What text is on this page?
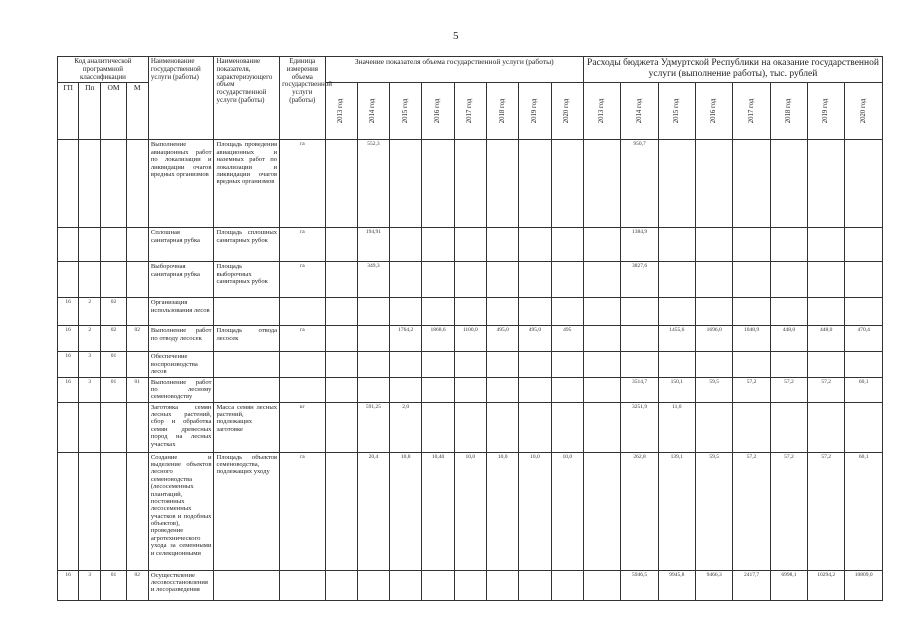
5
Код аналитической программной классификации				Наименование государственной услуги (работы)	Наименование показателя, характеризующего объем государственной услуги (работы)	Единица измерения объема государственной услуги (работы)	Значение показателя объема государственной услуги (работы)								Расходы бюджета Удмуртской Республики на оказание государственной услуги (выполнение работы), тыс. рублей							
ГП	Пп	ОМ	М				2013 год	2014 год	2015 год	2016 год	2017 год	2018 год	2019 год	2020 год	2013 год	2014 год	2015 год	2016 год	2017 год	2018 год	2019 год	2020 год

				Выполнение авиационных работ по локализации и ликвидации очагов вредных организмов	Площадь проведения авиационных и наземных работ по локализации и ликвидации очагов вредных организмов	га		552,3								950,7						
				Сплошная санитарная рубка	Площадь сплошных санитарных рубок	га		194,91								1384,9						
				Выборочная санитарная рубка	Площадь выборочных санитарных рубок	га		349,3								3827,6						
16	2	02		Организация использования лесов																		
16	2	02	02	Выполнение работ по отводу лесосек	Площадь отвода лесосек	га			1764,2	1868,6	1100,0	495,0	495,0	495			1455,6	1696,0	1048,9	448,0	448,0	470,4
16	3	01		Обеспечение воспроизводства лесов																		
16	3	01	01	Выполнение работ по лесному семеноводству												3514,7	150,1	59,5	57,2	57,2	57,2	60,1
				Заготовка семян лесных растений, сбор и обработка семян древесных пород на лесных участках	Масса семян лесных растений, подлежащих заготовке	кг		591,25	2,0							3251,9	11,0					
				Создание и выделение объектов лесного семеноводства (лесосеменных плантаций, постоянных лесосеменных участков и подобных объектов), проведение агротехнического ухода за семенными и селекционными	Площадь объектов семеноводства, подлежащих уходу	га		20,4	10,8	10,40	10,0	10,0	10,0	10,0		262,8	139,1	59,5	57,2	57,2	57,2	60,1
16	3	01	02	Осуществление лесовосстановления и лесоразведения												5946,5	9945,8	9466,3	2417,7	6998,1	10294,2	10809,0
